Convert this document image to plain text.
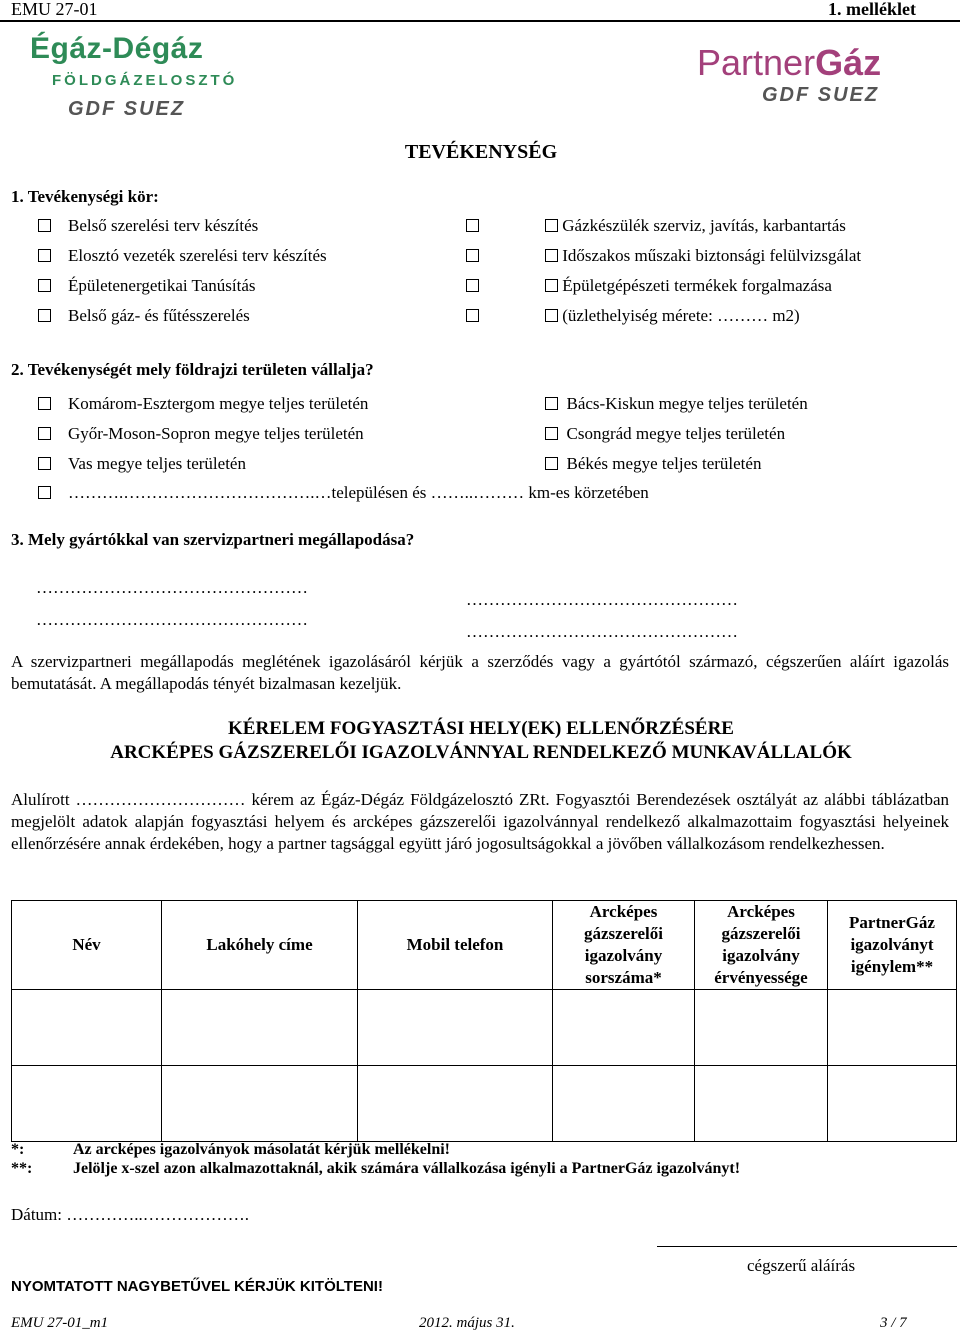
EMU 27-01	1. melléklet
Égáz-Dégáz
FÖLDGÁZELOSZTÓ
GDF SUEZ
PartnerGáz
GDF SUEZ
TEVÉKENYSÉG
1. Tevékenységi kör:
Belső szerelési terv készítés
Elosztó vezeték szerelési terv készítés
Épületenergetikai Tanúsítás
Belső gáz- és fűtésszerelés
Gázkészülék szerviz, javítás, karbantartás
Időszakos műszaki biztonsági felülvizsgálat
Épületgépészeti termékek forgalmazása
(üzlethelyiség mérete: ……… m2)
2. Tevékenységét mely földrajzi területen vállalja?
Komárom-Esztergom megye teljes területén
Győr-Moson-Sopron megye teljes területén
Vas megye teljes területén
Bács-Kiskun megye teljes területén
Csongrád megye teljes területén
Békés megye teljes területén
……….…………………………….…településen és ……..……… km-es körzetében
3. Mely gyártókkal van szervizpartneri megállapodása?
…………………………………………
…………………………………………
…………………………………………
…………………………………………
A szervizpartneri megállapodás meglétének igazolásáról kérjük a szerződés vagy a gyártótól származó, cégszerűen aláírt igazolás bemutatását. A megállapodás tényét bizalmasan kezeljük.
KÉRELEM FOGYASZTÁSI HELY(EK) ELLENŐRZÉSÉRE
ARCKÉPES GÁZSZERELŐI IGAZOLVÁNNYAL RENDELKEZŐ MUNKAVÁLLALÓK
Alulírott ………………………… kérem az Égáz-Dégáz Földgázelosztó ZRt. Fogyasztói Berendezések osztályát az alábbi táblázatban megjelölt adatok alapján fogyasztási helyem és arcképes gázszerelői igazolvánnyal rendelkező alkalmazottaim fogyasztási helyeinek ellenőrzésére annak érdekében, hogy a partner tagsággal együtt járó jogosultságokkal a jövőben vállalkozásom rendelkezhessen.
Név	Lakóhely címe	Mobil telefon	Arcképes gázszerelői igazolvány sorszáma*	Arcképes gázszerelői igazolvány érvényessége	PartnerGáz igazolványt igénylem**

*:	Az arcképes igazolványok másolatát kérjük mellékelni!
**:	Jelölje x-szel azon alkalmazottaknál, akik számára vállalkozása igényli a PartnerGáz igazolványt!
Dátum: …………..……………….
cégszerű aláírás
NYOMTATOTT NAGYBETŰVEL KÉRJÜK KITÖLTENI!
EMU 27-01_m1	2012. május 31.	3 / 7
